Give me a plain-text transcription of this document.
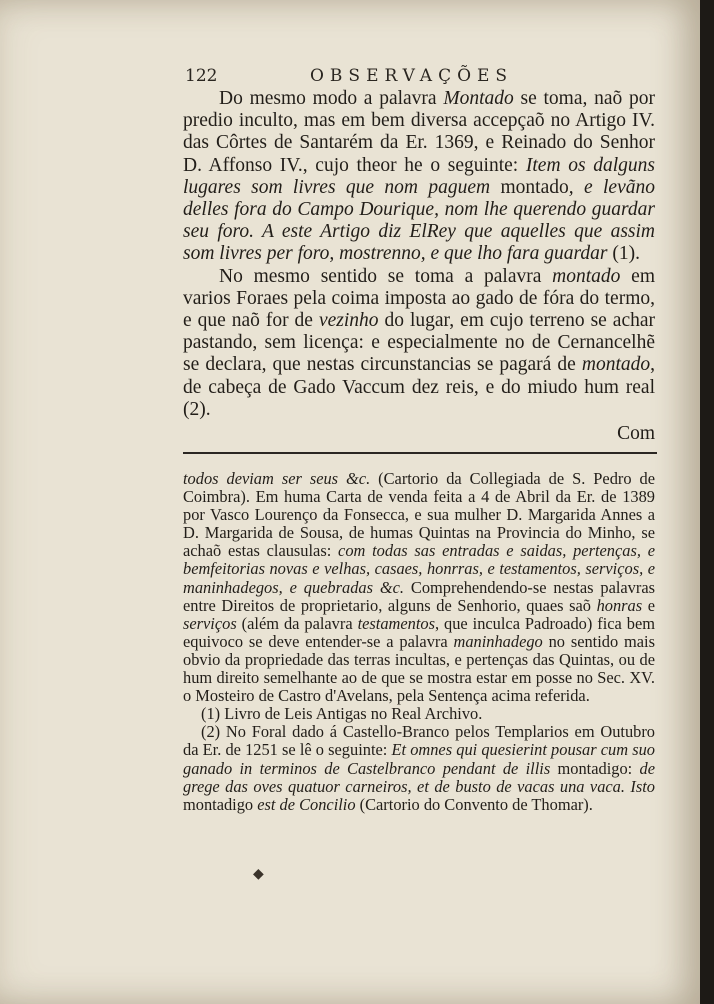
122	OBSERVAÇÕES

Do mesmo modo a palavra Montado se toma, naõ por predio inculto, mas em bem diversa accepçaõ no Artigo IV. das Côrtes de Santarém da Er. 1369, e Reinado do Senhor D. Affonso IV., cujo theor he o seguinte: Item os dalguns lugares som livres que nom paguem montado, e levãno delles fora do Campo Dourique, nom lhe querendo guardar seu foro. A este Artigo diz ElRey que aquelles que assim som livres per foro, mostrenno, e que lho fara guardar (1).

No mesmo sentido se toma a palavra montado em varios Foraes pela coima imposta ao gado de fóra do termo, e que naõ for de vezinho do lugar, em cujo terreno se achar pastando, sem licença: e especialmente no de Cernancelhẽ se declara, que nestas circunstancias se pagará de montado, de cabeça de Gado Vaccum dez reis, e do miudo hum real (2).

Com

todos deviam ser seus &c. (Cartorio da Collegiada de S. Pedro de Coimbra). Em huma Carta de venda feita a 4 de Abril da Er. de 1389 por Vasco Lourenço da Fonsecca, e sua mulher D. Margarida Annes a D. Margarida de Sousa, de humas Quintas na Provincia do Minho, se achaõ estas clausulas: com todas sas entradas e saidas, pertenças, e bemfeitorias novas e velhas, casaes, honrras, e testamentos, serviços, e maninhadegos, e quebradas &c. Comprehendendo-se nestas palavras entre Direitos de proprietario, alguns de Senhorio, quaes saõ honras e serviços (além da palavra testamentos, que inculca Padroado) fica bem equivoco se deve entender-se a palavra maninhadego no sentido mais obvio da propriedade das terras incultas, e pertenças das Quintas, ou de hum direito semelhante ao de que se mostra estar em posse no Sec. XV. o Mosteiro de Castro d'Avelans, pela Sentença acima referida.

(1) Livro de Leis Antigas no Real Archivo.

(2) No Foral dado á Castello-Branco pelos Templarios em Outubro da Er. de 1251 se lê o seguinte: Et omnes qui quesierint pousar cum suo ganado in terminos de Castelbranco pendant de illis montadigo: de grege das oves quatuor carneiros, et de busto de vacas una vaca. Isto montadigo est de Concilio (Cartorio do Convento de Thomar).

◆
